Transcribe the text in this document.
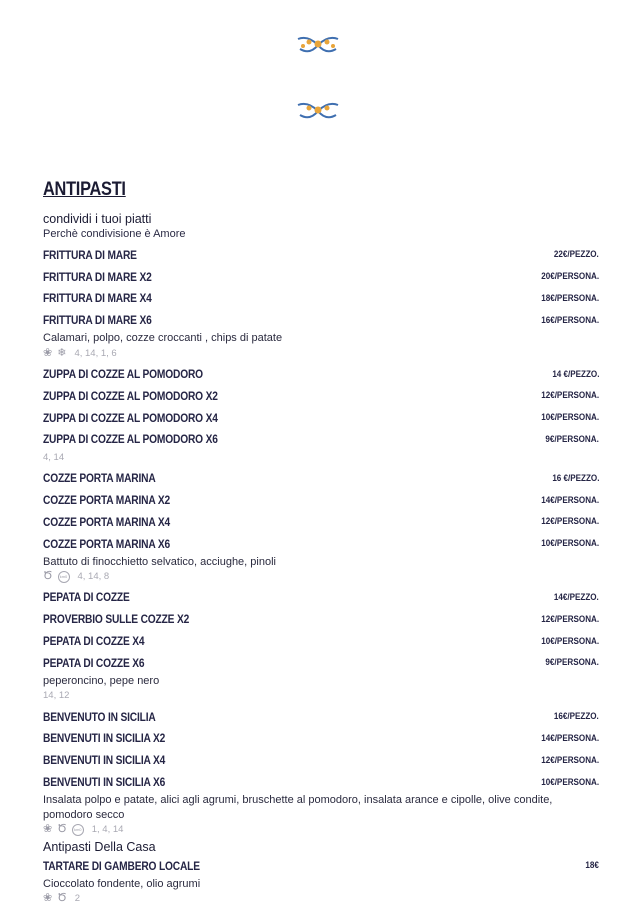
ANTIPASTI
condividi i tuoi piatti
Perchè condivisione è Amore
FRITTURA DI MARE	22€/PEZZO.
FRITTURA DI MARE X2	20€/PERSONA.
FRITTURA DI MARE X4	18€/PERSONA.
FRITTURA DI MARE X6	16€/PERSONA.
Calamari, polpo, cozze croccanti , chips di patate
❀ ❄ 4, 14, 1, 6
ZUPPA DI COZZE AL POMODORO	14 €/PEZZO.
ZUPPA DI COZZE AL POMODORO X2	12€/PERSONA.
ZUPPA DI COZZE AL POMODORO X4	10€/PERSONA.
ZUPPA DI COZZE AL POMODORO X6	9€/PERSONA.
4, 14
COZZE PORTA MARINA	16 €/PEZZO.
COZZE PORTA MARINA X2	14€/PERSONA.
COZZE PORTA MARINA X4	12€/PERSONA.
COZZE PORTA MARINA X6	10€/PERSONA.
Battuto di finocchietto selvatico, acciughe, pinoli
Ծ	km0 4, 14, 8
PEPATA DI COZZE	14€/PEZZO.
PROVERBIO SULLE COZZE X2	12€/PERSONA.
PEPATA DI COZZE X4	10€/PERSONA.
PEPATA DI COZZE X6	9€/PERSONA.
peperoncino, pepe nero
14, 12
BENVENUTO IN SICILIA	16€/PEZZO.
BENVENUTI IN SICILIA X2	14€/PERSONA.
BENVENUTI IN SICILIA X4	12€/PERSONA.
BENVENUTI IN SICILIA X6	10€/PERSONA.
Insalata polpo e patate, alici agli agrumi, bruschette al pomodoro, insalata arance e cipolle, olive condite, pomodoro secco
❀ Ծ	km0 1, 4, 14
Antipasti Della Casa
TARTARE DI GAMBERO LOCALE	18€
Cioccolato fondente, olio agrumi
❀ Ծ 2
